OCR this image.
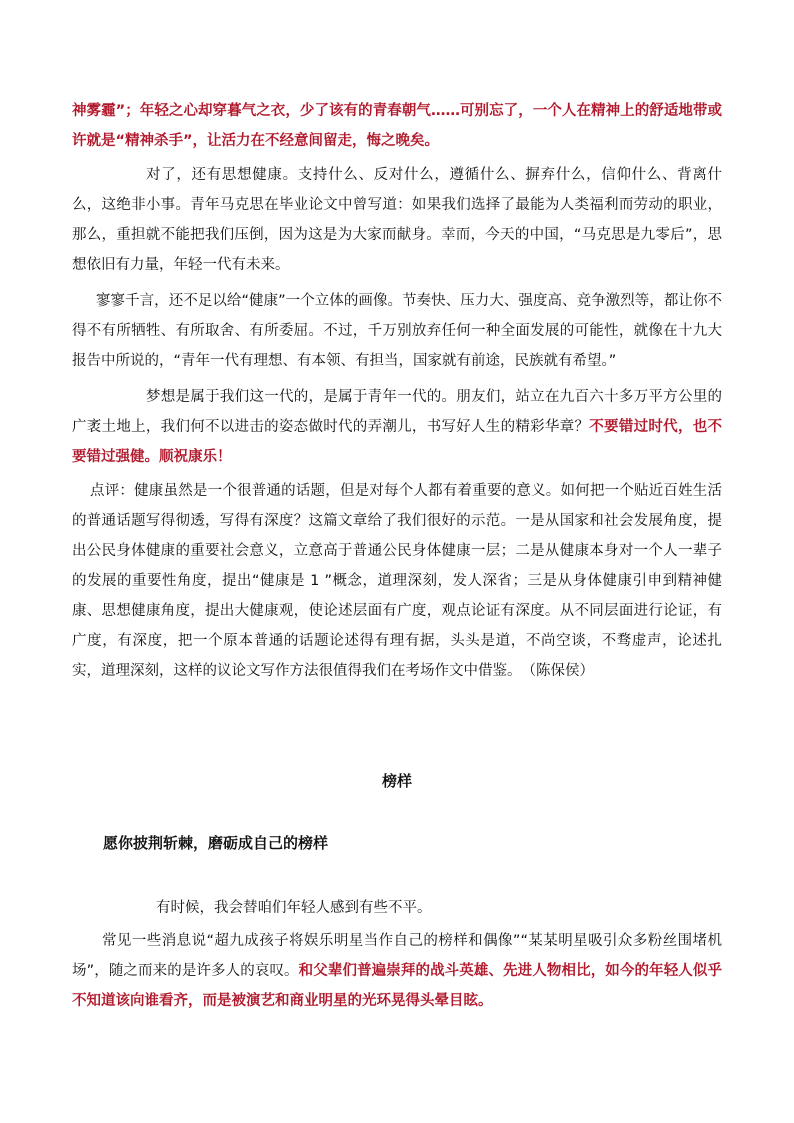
神雾霾”；年轻之心却穿暮气之衣，少了该有的青春朝气……可别忘了，一个人在精神上的舒适地带或许就是“精神杀手”，让活力在不经意间留走，悔之晚矣。

对了，还有思想健康。支持什么、反对什么，遵循什么、摒弃什么，信仰什么、背离什么，这绝非小事。青年马克思在毕业论文中曾写道：如果我们选择了最能为人类福利而劳动的职业，那么，重担就不能把我们压倒，因为这是为大家而献身。幸而，今天的中国，“马克思是九零后”，思想依旧有力量，年轻一代有未来。

寥寥千言，还不足以给“健康”一个立体的画像。节奏快、压力大、强度高、竞争激烈等，都让你不得不有所牺牲、有所取舍、有所委屈。不过，千万别放弃任何一种全面发展的可能性，就像在十九大报告中所说的，“青年一代有理想、有本领、有担当，国家就有前途，民族就有希望。”

梦想是属于我们这一代的，是属于青年一代的。朋友们，站立在九百六十多万平方公里的广袤土地上，我们何不以进击的姿态做时代的弄潮儿，书写好人生的精彩华章？不要错过时代，也不要错过强健。顺祝康乐！

点评：健康虽然是一个很普通的话题，但是对每个人都有着重要的意义。如何把一个贴近百姓生活的普通话题写得彻透，写得有深度？这篇文章给了我们很好的示范。一是从国家和社会发展角度，提出公民身体健康的重要社会意义，立意高于普通公民身体健康一层；二是从健康本身对一个人一辈子的发展的重要性角度，提出“健康是 1 ”概念，道理深刻，发人深省；三是从身体健康引申到精神健康、思想健康角度，提出大健康观，使论述层面有广度，观点论证有深度。从不同层面进行论证，有广度，有深度，把一个原本普通的话题论述得有理有据，头头是道，不尚空谈，不骛虚声，论述扎实，道理深刻，这样的议论文写作方法很值得我们在考场作文中借鉴。　（陈保侯）

榜样
愿你披荆斩棘，磨砺成自己的榜样

有时候，我会替咱们年轻人感到有些不平。

常见一些消息说“超九成孩子将娱乐明星当作自己的榜样和偶像”“某某明星吸引众多粉丝围堵机场”，随之而来的是许多人的哀叹。和父辈们普遍崇拜的战斗英雄、先进人物相比，如今的年轻人似乎不知道该向谁看齐，而是被演艺和商业明星的光环晃得头晕目眩。
